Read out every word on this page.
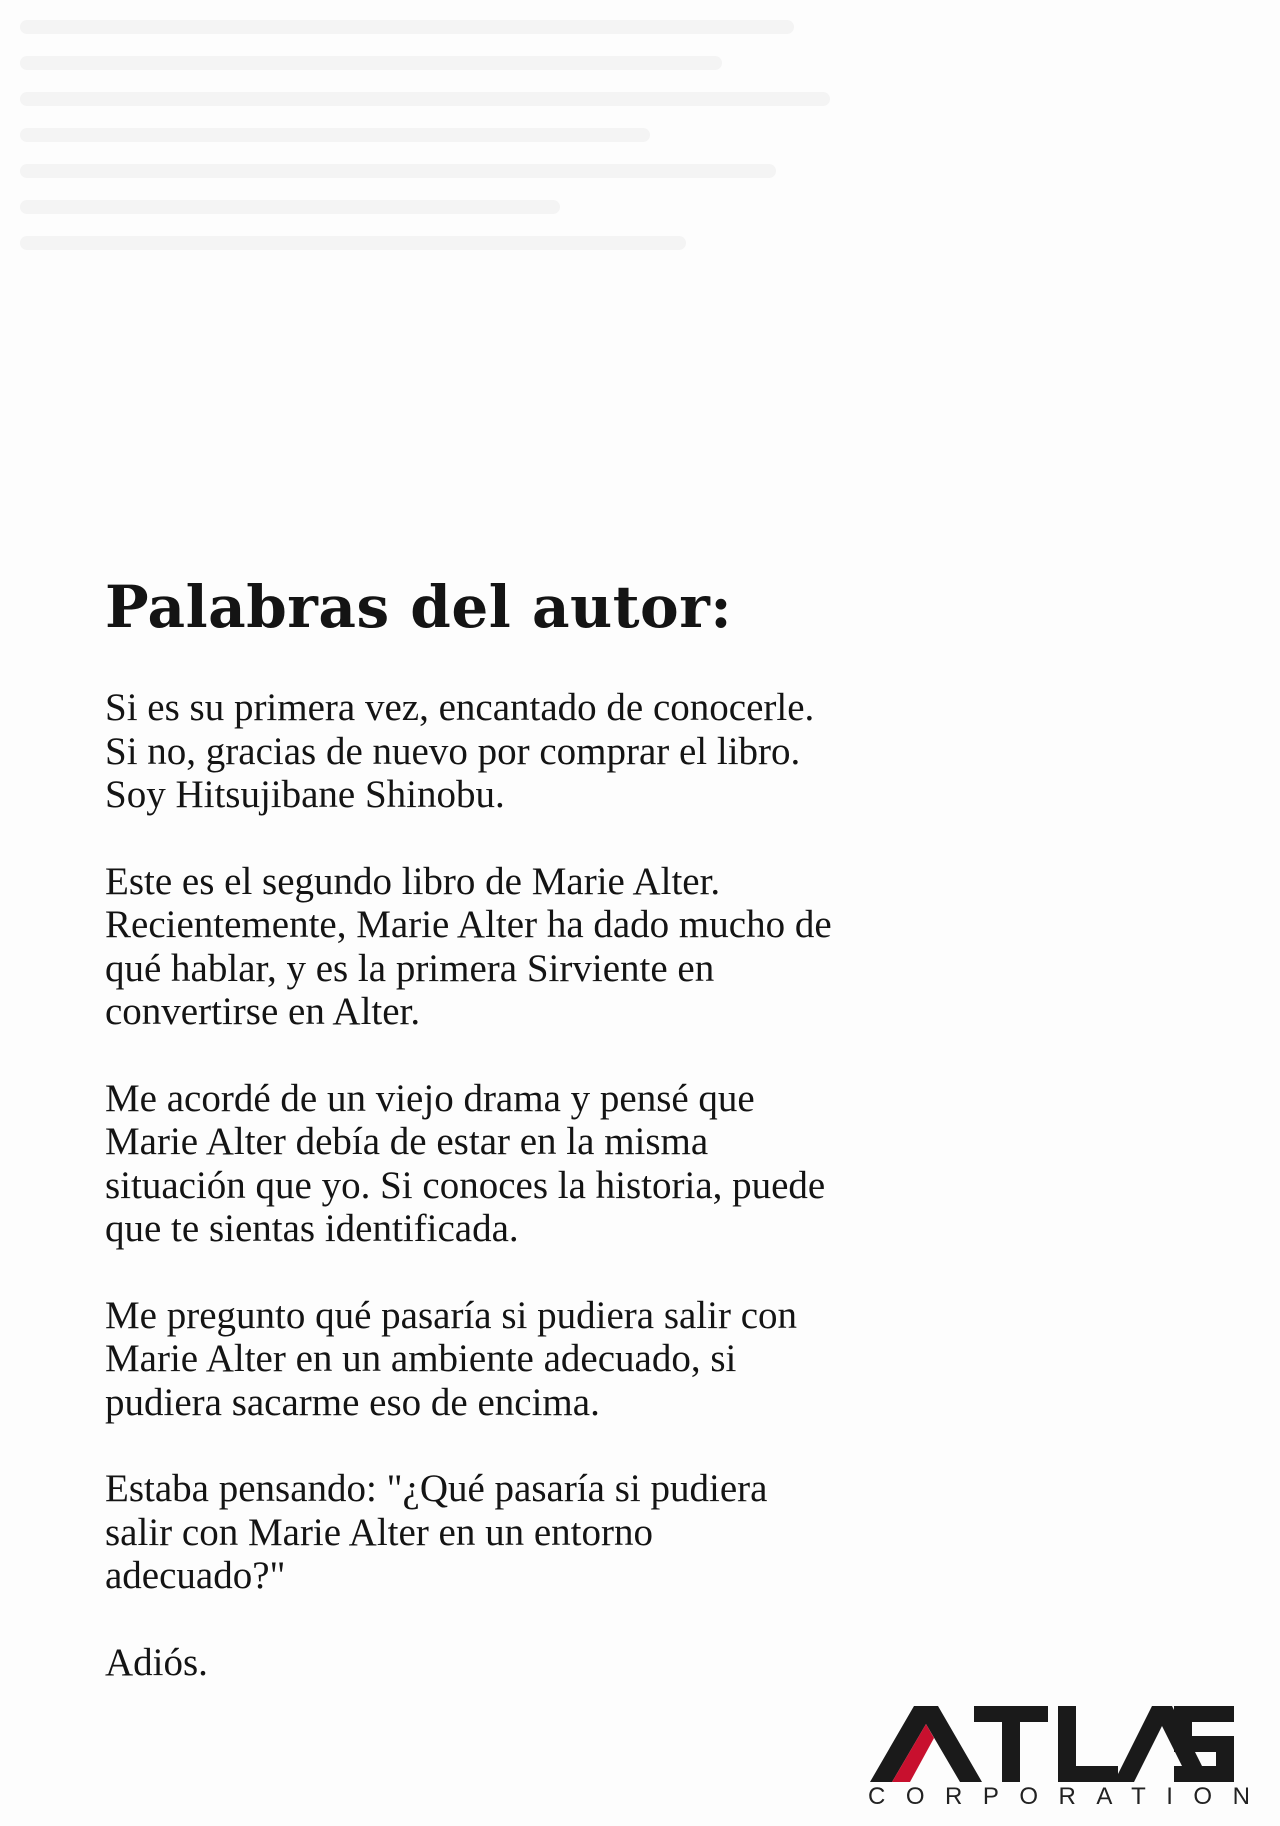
Palabras del autor:

Si es su primera vez, encantado de conocerle.
Si no, gracias de nuevo por comprar el libro.
Soy Hitsujibane Shinobu.

Este es el segundo libro de Marie Alter.
Recientemente, Marie Alter ha dado mucho de
qué hablar, y es la primera Sirviente en
convertirse en Alter.

Me acordé de un viejo drama y pensé que
Marie Alter debía de estar en la misma
situación que yo. Si conoces la historia, puede
que te sientas identificada.

Me pregunto qué pasaría si pudiera salir con
Marie Alter en un ambiente adecuado, si
pudiera sacarme eso de encima.

Estaba pensando: "¿Qué pasaría si pudiera
salir con Marie Alter en un entorno
adecuado?"

Adiós.

CORPORATION
